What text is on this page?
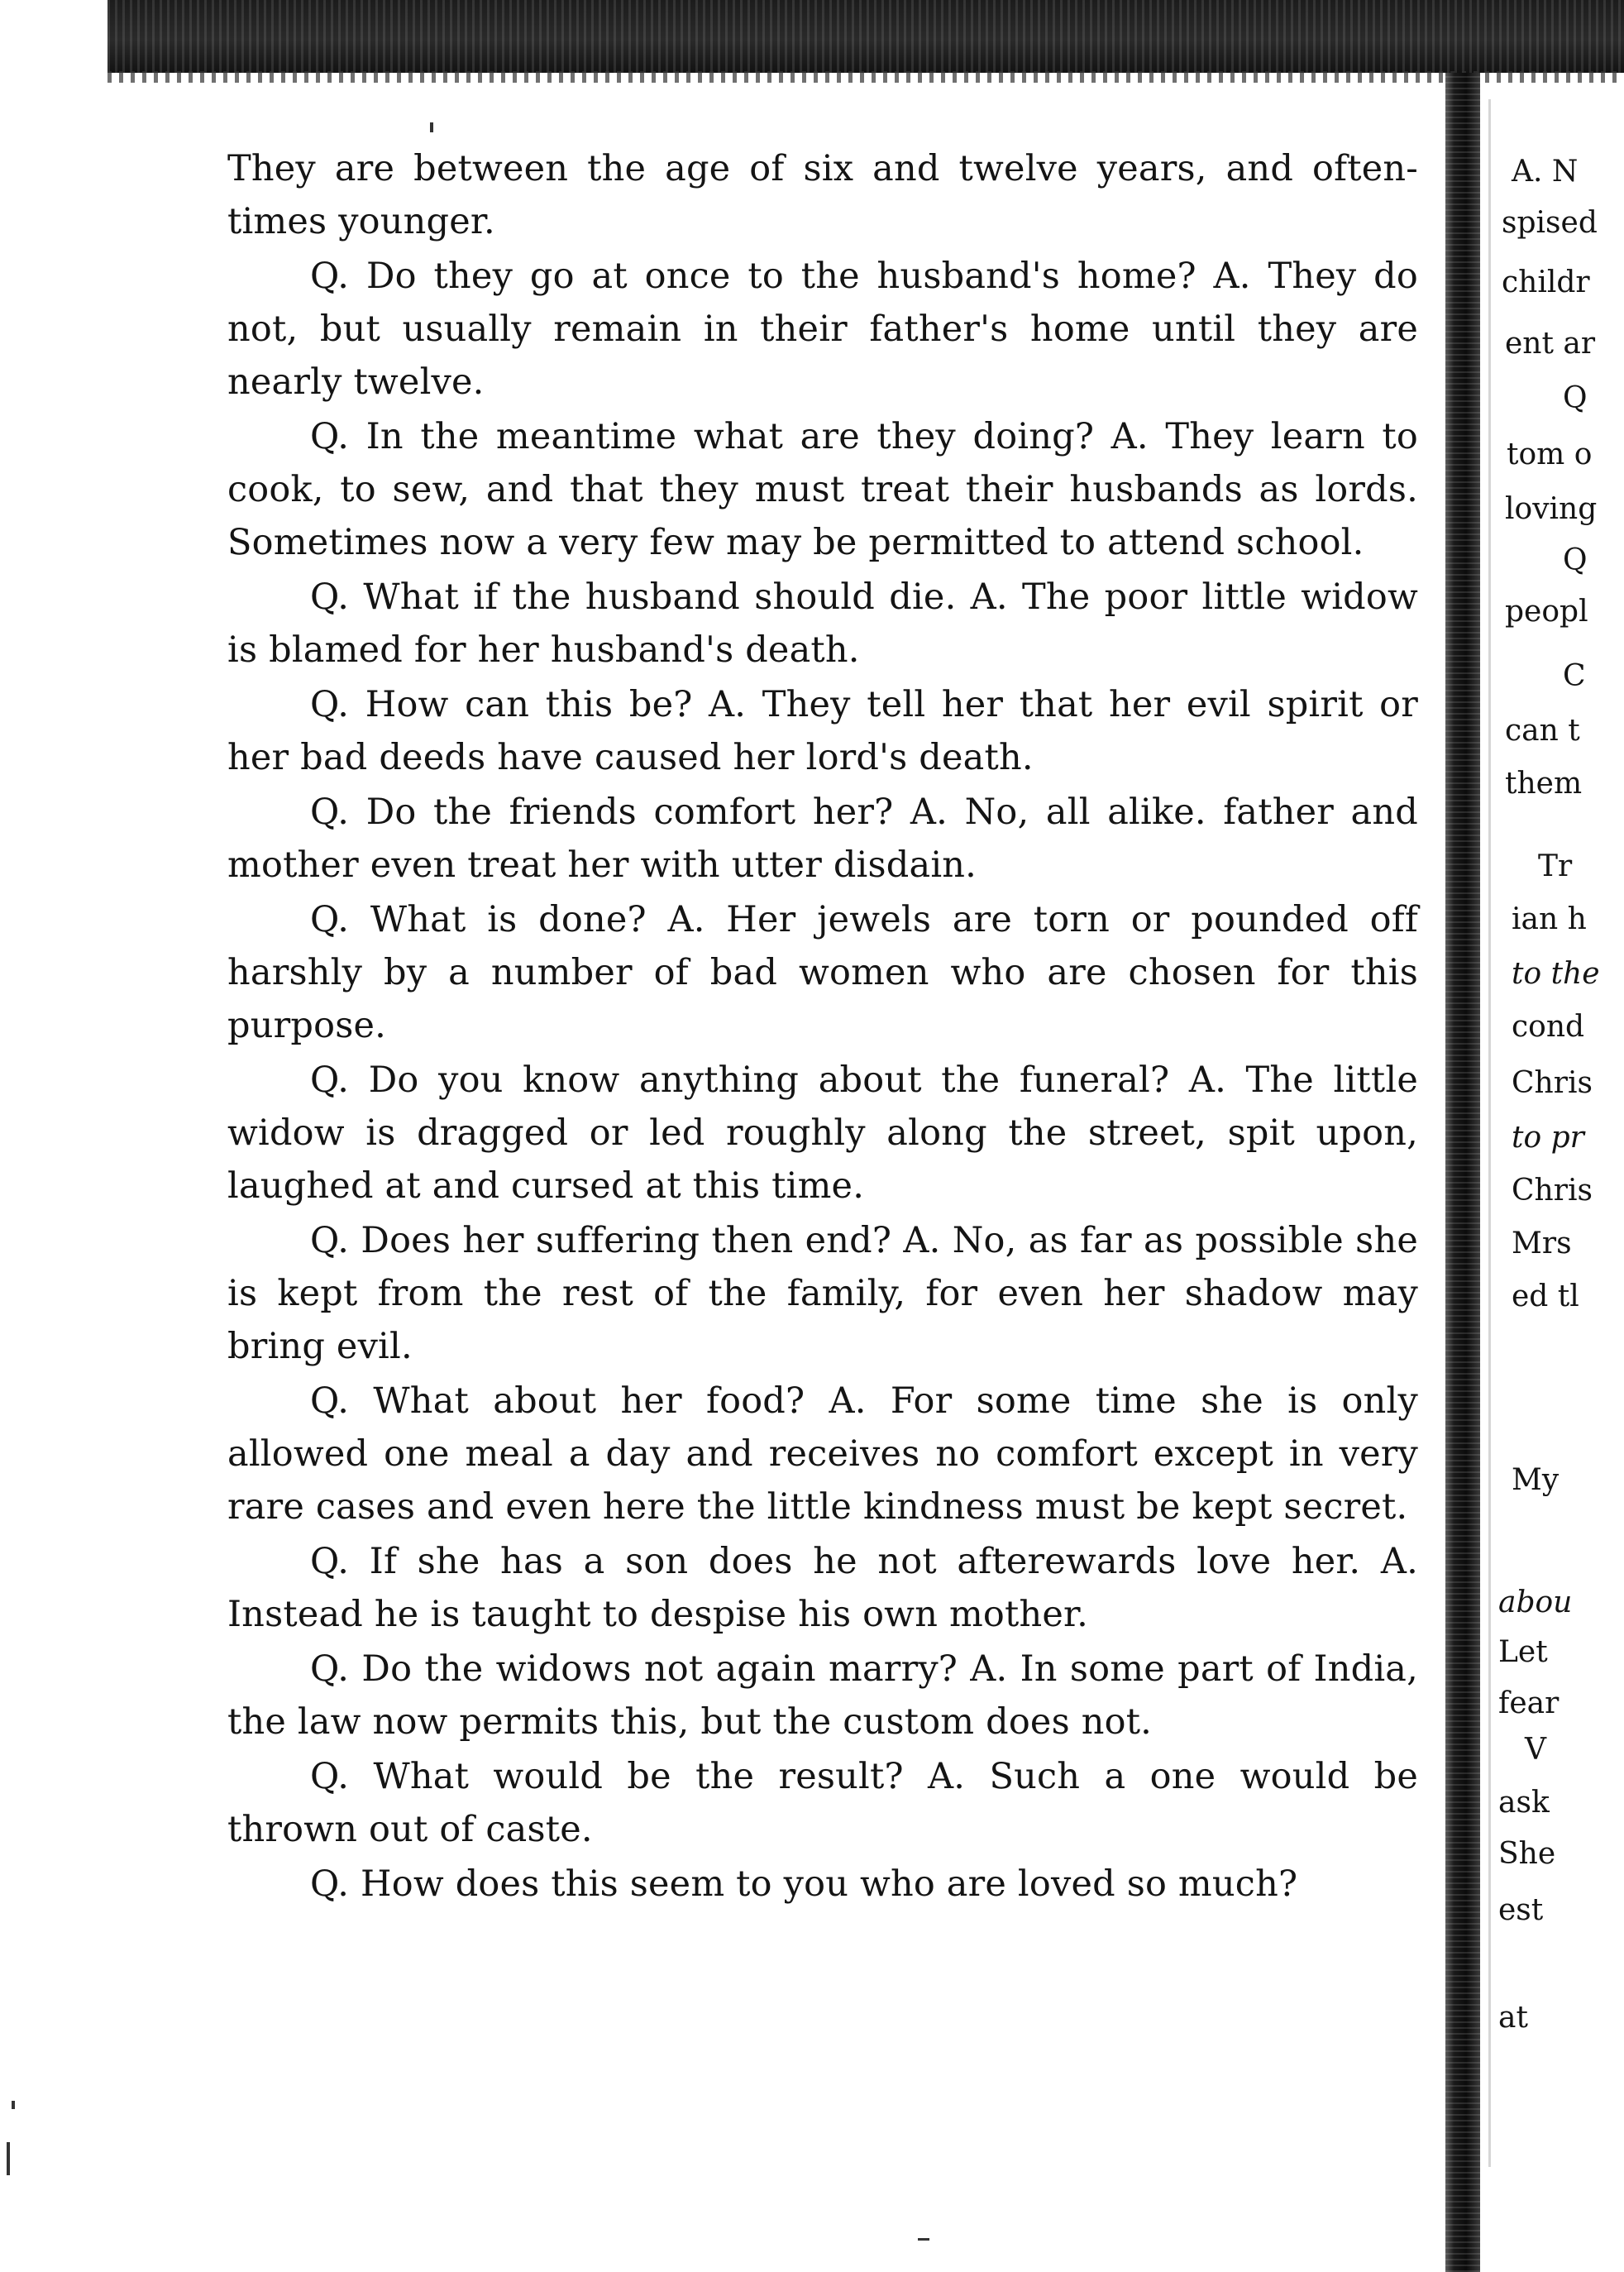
They are between the age of six and twelve years, and often-times younger.

Q. Do they go at once to the husband's home? A. They do not, but usually remain in their father's home until they are nearly twelve.

Q. In the meantime what are they doing? A. They learn to cook, to sew, and that they must treat their husbands as lords. Sometimes now a very few may be permitted to attend school.

Q. What if the husband should die. A. The poor little widow is blamed for her husband's death.

Q. How can this be? A. They tell her that her evil spirit or her bad deeds have caused her lord's death.

Q. Do the friends comfort her? A. No, all alike. father and mother even treat her with utter disdain.

Q. What is done? A. Her jewels are torn or pounded off harshly by a number of bad women who are chosen for this purpose.

Q. Do you know anything about the funeral? A. The little widow is dragged or led roughly along the street, spit upon, laughed at and cursed at this time.

Q. Does her suffering then end? A. No, as far as possible she is kept from the rest of the family, for even her shadow may bring evil.

Q. What about her food? A. For some time she is only allowed one meal a day and receives no comfort except in very rare cases and even here the little kindness must be kept secret.

Q. If she has a son does he not afterewards love her. A. Instead he is taught to despise his own mother.

Q. Do the widows not again marry? A. In some part of India, the law now permits this, but the custom does not.

Q. What would be the result? A. Such a one would be thrown out of caste.

Q. How does this seem to you who are loved so much?

A. N
spised
childr
ent ar
Q
tom o
loving
Q
peopl
C
can t
them
Tr
ian h
to the
cond
Chris
to pr
Chris
Mrs
ed tl
My
abou
Let
fear
V
ask
She
est
at
